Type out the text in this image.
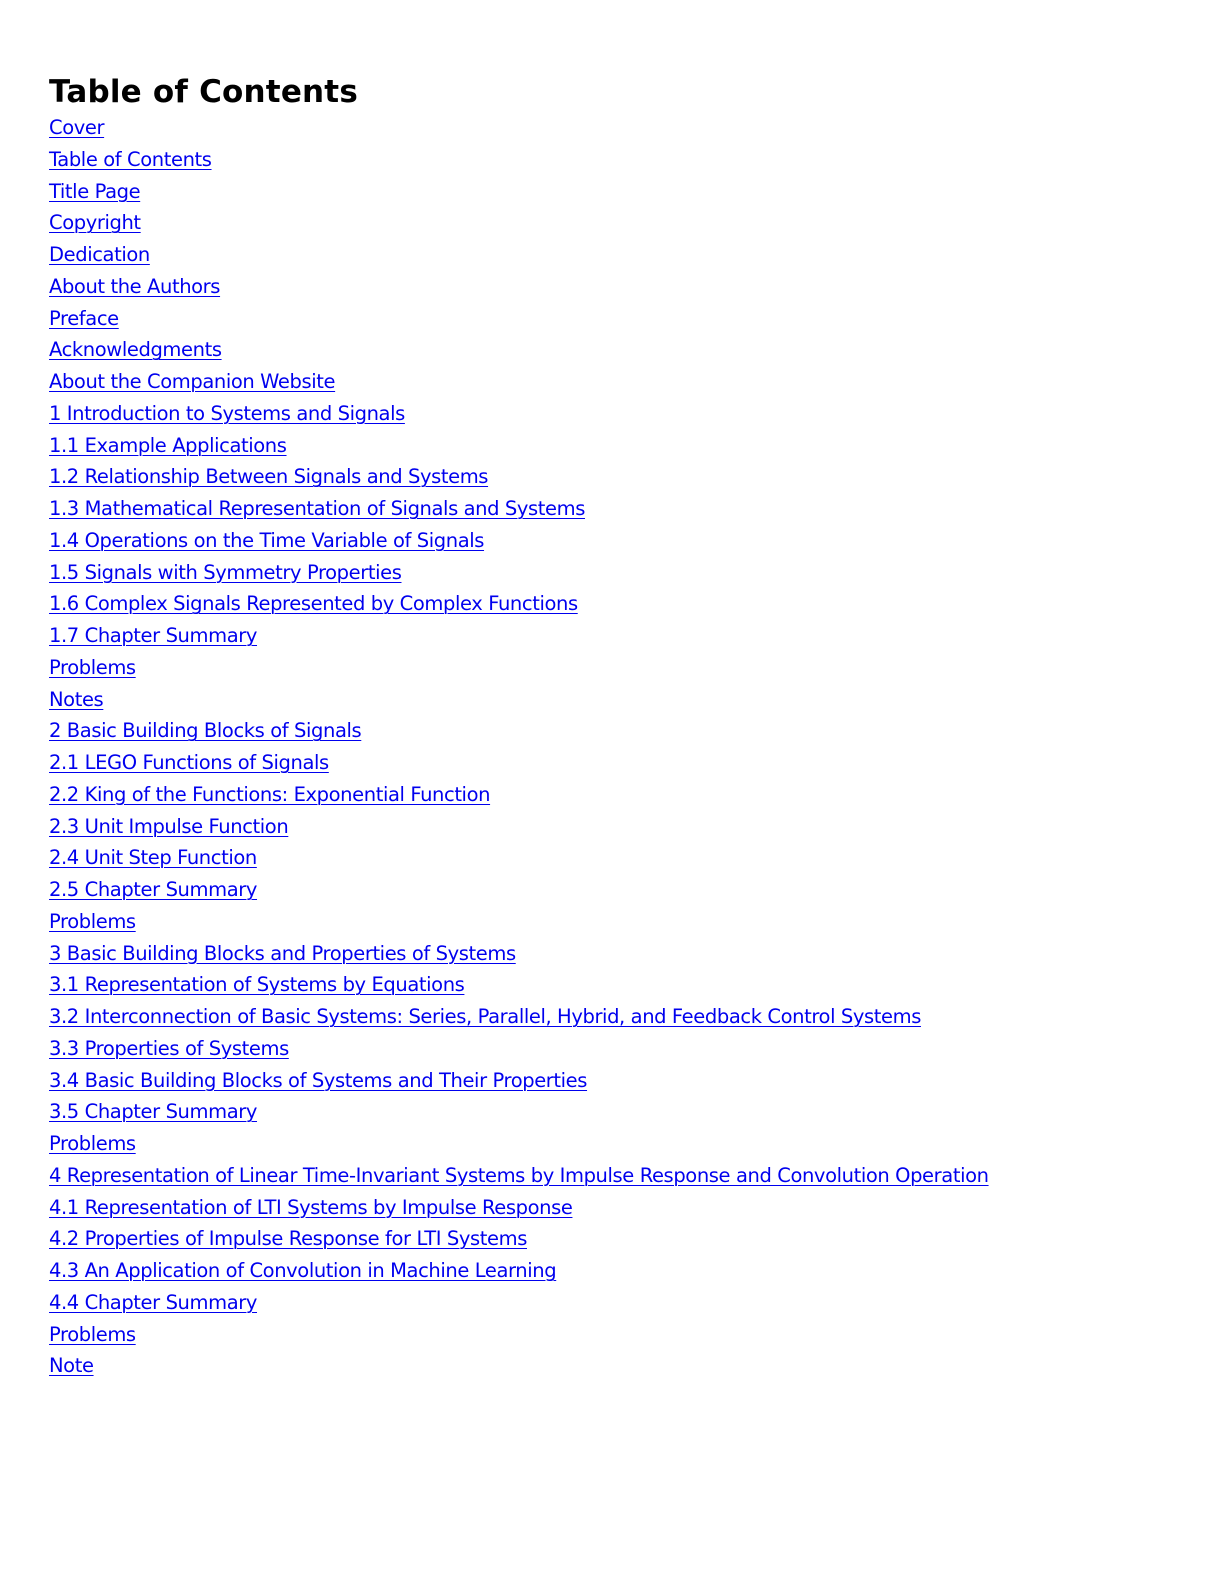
Table of Contents
Cover
Table of Contents
Title Page
Copyright
Dedication
About the Authors
Preface
Acknowledgments
About the Companion Website
1 Introduction to Systems and Signals
1.1 Example Applications
1.2 Relationship Between Signals and Systems
1.3 Mathematical Representation of Signals and Systems
1.4 Operations on the Time Variable of Signals
1.5 Signals with Symmetry Properties
1.6 Complex Signals Represented by Complex Functions
1.7 Chapter Summary
Problems
Notes
2 Basic Building Blocks of Signals
2.1 LEGO Functions of Signals
2.2 King of the Functions: Exponential Function
2.3 Unit Impulse Function
2.4 Unit Step Function
2.5 Chapter Summary
Problems
3 Basic Building Blocks and Properties of Systems
3.1 Representation of Systems by Equations
3.2 Interconnection of Basic Systems: Series, Parallel, Hybrid, and Feedback Control Systems
3.3 Properties of Systems
3.4 Basic Building Blocks of Systems and Their Properties
3.5 Chapter Summary
Problems
4 Representation of Linear Time-Invariant Systems by Impulse Response and Convolution Operation
4.1 Representation of LTI Systems by Impulse Response
4.2 Properties of Impulse Response for LTI Systems
4.3 An Application of Convolution in Machine Learning
4.4 Chapter Summary
Problems
Note
